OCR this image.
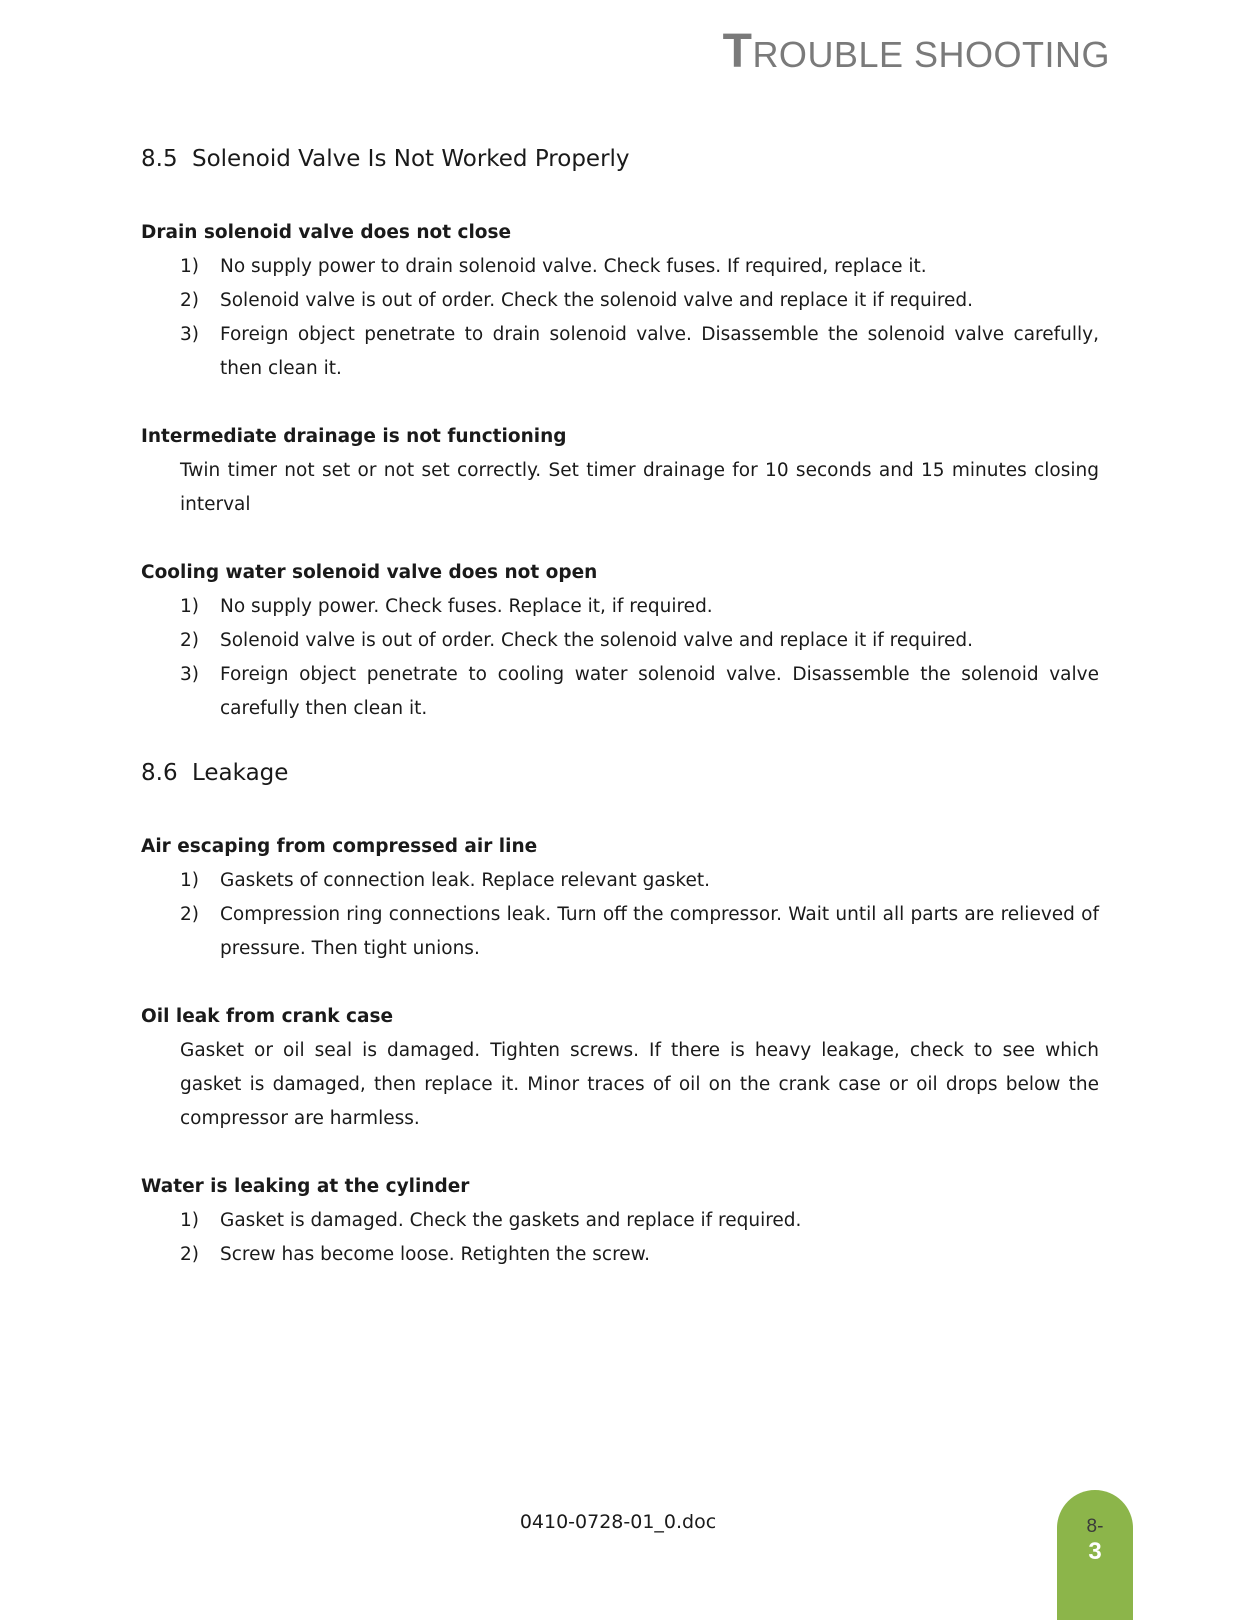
TROUBLE SHOOTING
8.5 Solenoid Valve Is Not Worked Properly

Drain solenoid valve does not close

1)	No supply power to drain solenoid valve. Check fuses. If required, replace it.
2)	Solenoid valve is out of order. Check the solenoid valve and replace it if required.
3)	Foreign object penetrate to drain solenoid valve. Disassemble the solenoid valve carefully, then clean it.

Intermediate drainage is not functioning

Twin timer not set or not set correctly. Set timer drainage for 10 seconds and 15 minutes closing interval

Cooling water solenoid valve does not open

1)	No supply power. Check fuses. Replace it, if required.
2)	Solenoid valve is out of order. Check the solenoid valve and replace it if required.
3)	Foreign object penetrate to cooling water solenoid valve. Disassemble the solenoid valve carefully then clean it.
8.6 Leakage

Air escaping from compressed air line

1)	Gaskets of connection leak. Replace relevant gasket.
2)	Compression ring connections leak. Turn off the compressor. Wait until all parts are relieved of pressure. Then tight unions.

Oil leak from crank case

Gasket or oil seal is damaged. Tighten screws. If there is heavy leakage, check to see which gasket is damaged, then replace it. Minor traces of oil on the crank case or oil drops below the compressor are harmless.

Water is leaking at the cylinder

1)	Gasket is damaged. Check the gaskets and replace if required.
2)	Screw has become loose. Retighten the screw.
0410-0728-01_0.doc	8-
3
